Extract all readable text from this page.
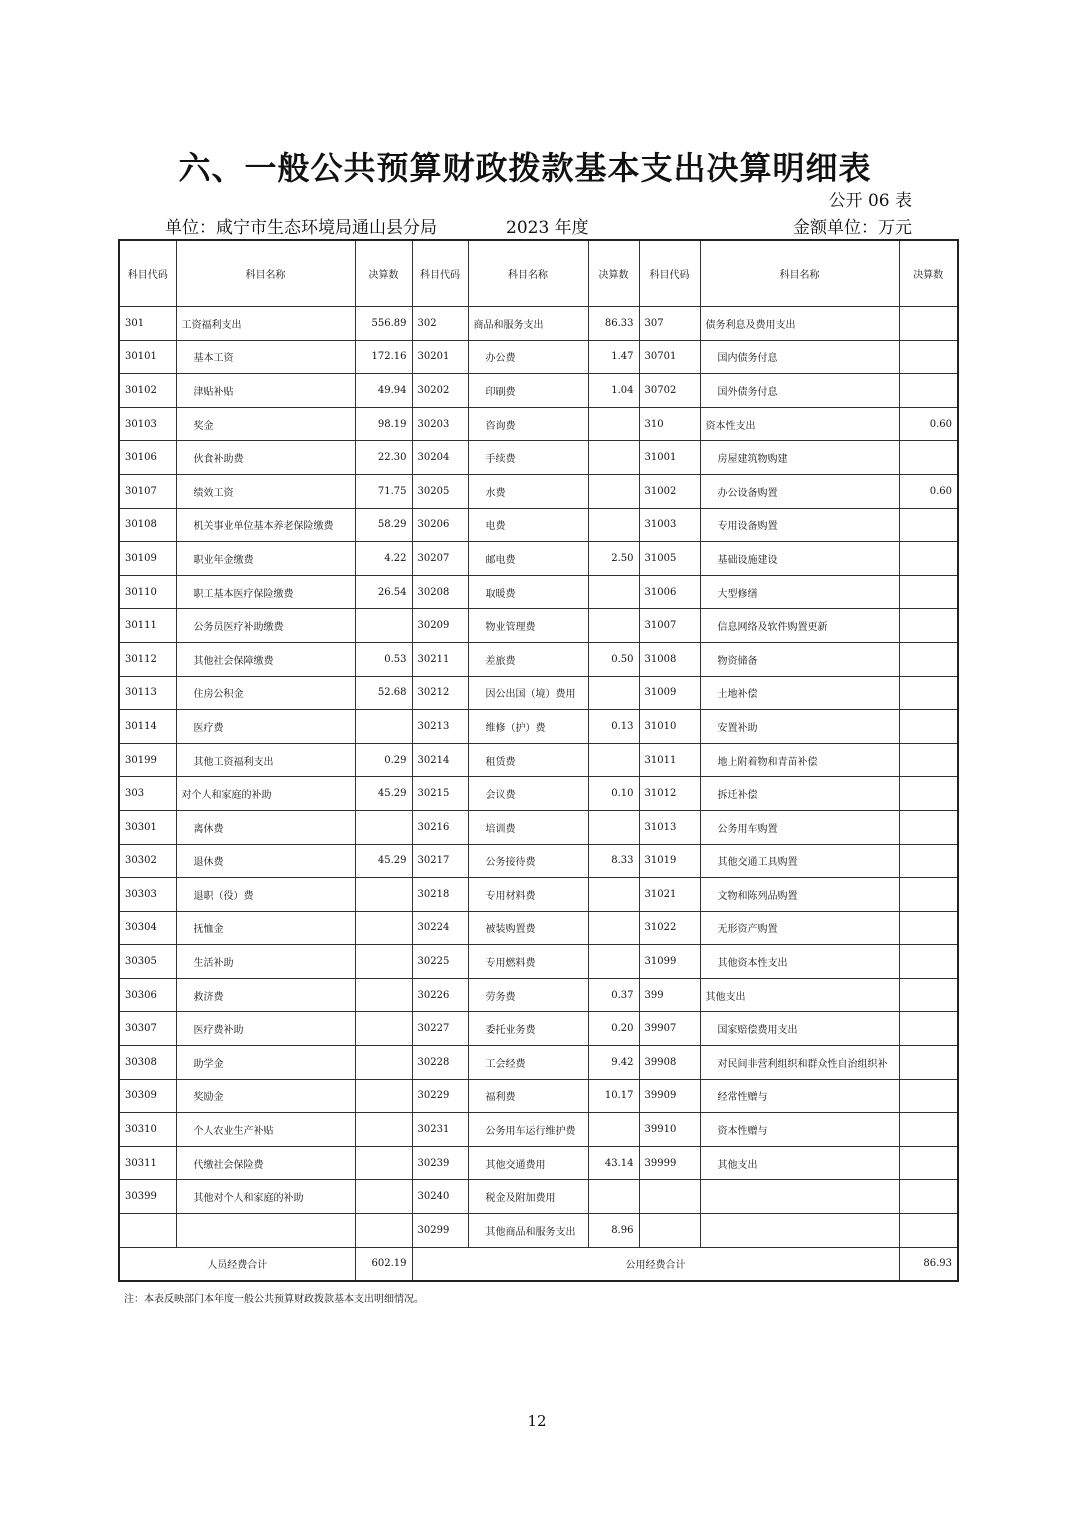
六、一般公共预算财政拨款基本支出决算明细表
公开 06 表
单位：咸宁市生态环境局通山县分局	2023 年度	金额单位：万元
科目代码	科目名称	决算数	科目代码	科目名称	决算数	科目代码	科目名称	决算数
301	工资福利支出	556.89	302	商品和服务支出	86.33	307	债务利息及费用支出	
30101	基本工资	172.16	30201	办公费	1.47	30701	国内债务付息	
30102	津贴补贴	49.94	30202	印刷费	1.04	30702	国外债务付息	
30103	奖金	98.19	30203	咨询费		310	资本性支出	0.60
30106	伙食补助费	22.30	30204	手续费		31001	房屋建筑物购建	
30107	绩效工资	71.75	30205	水费		31002	办公设备购置	0.60
30108	机关事业单位基本养老保险缴费	58.29	30206	电费		31003	专用设备购置	
30109	职业年金缴费	4.22	30207	邮电费	2.50	31005	基础设施建设	
30110	职工基本医疗保险缴费	26.54	30208	取暖费		31006	大型修缮	
30111	公务员医疗补助缴费		30209	物业管理费		31007	信息网络及软件购置更新	
30112	其他社会保障缴费	0.53	30211	差旅费	0.50	31008	物资储备	
30113	住房公积金	52.68	30212	因公出国（境）费用		31009	土地补偿	
30114	医疗费		30213	维修（护）费	0.13	31010	安置补助	
30199	其他工资福利支出	0.29	30214	租赁费		31011	地上附着物和青苗补偿	
303	对个人和家庭的补助	45.29	30215	会议费	0.10	31012	拆迁补偿	
30301	离休费		30216	培训费		31013	公务用车购置	
30302	退休费	45.29	30217	公务接待费	8.33	31019	其他交通工具购置	
30303	退职（役）费		30218	专用材料费		31021	文物和陈列品购置	
30304	抚恤金		30224	被装购置费		31022	无形资产购置	
30305	生活补助		30225	专用燃料费		31099	其他资本性支出	
30306	救济费		30226	劳务费	0.37	399	其他支出	
30307	医疗费补助		30227	委托业务费	0.20	39907	国家赔偿费用支出	
30308	助学金		30228	工会经费	9.42	39908	对民间非营利组织和群众性自治组织补	
30309	奖励金		30229	福利费	10.17	39909	经常性赠与	
30310	个人农业生产补贴		30231	公务用车运行维护费		39910	资本性赠与	
30311	代缴社会保险费		30239	其他交通费用	43.14	39999	其他支出	
30399	其他对个人和家庭的补助		30240	税金及附加费用				
			30299	其他商品和服务支出	8.96			
人员经费合计		602.19	公用经费合计					86.93
注：本表反映部门本年度一般公共预算财政拨款基本支出明细情况。
12
